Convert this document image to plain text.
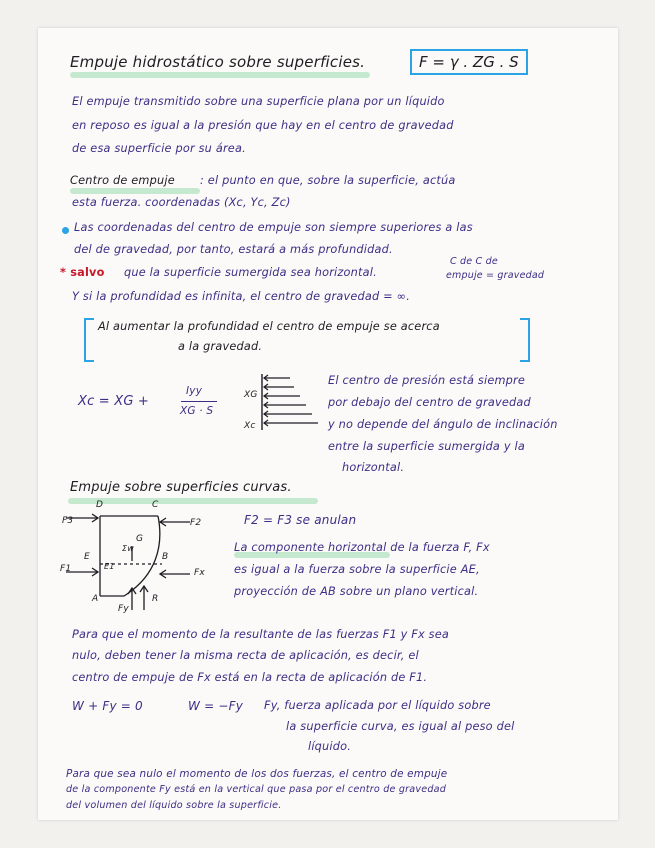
Empuje hidrostático sobre superficies.	F = γ . ZG . S
El empuje transmitido sobre una superficie plana por un líquido
en reposo es igual a la presión que hay en el centro de gravedad
de esa superficie por su área.
Centro de empuje : el punto en que, sobre la superficie, actúa
esta fuerza. coordenadas (Xc, Yc, Zc)
Las coordenadas del centro de empuje son siempre superiores a las
del de gravedad, por tanto, estará a más profundidad.
* salvo que la superficie sumergida sea horizontal.
C de C de
empuje = gravedad
Y si la profundidad es infinita, el centro de gravedad = ∞.
Al aumentar la profundidad el centro de empuje se acerca
a la gravedad.
Xc = XG +
Iyy
XG · S
XG
Xc
El centro de presión está siempre
por debajo del centro de gravedad
y no depende del ángulo de inclinación
entre la superficie sumergida y la
horizontal.
Empuje sobre superficies curvas.
D	C
F3	F2
G
Σw
E	B
F1	E1
Fx
A	R
Fy
F2 = F3 se anulan
La componente horizontal de la fuerza F, Fx
es igual a la fuerza sobre la superficie AE,
proyección de AB sobre un plano vertical.
Para que el momento de la resultante de las fuerzas F1 y Fx sea
nulo, deben tener la misma recta de aplicación, es decir, el
centro de empuje de Fx está en la recta de aplicación de F1.
W + Fy = 0	W = −Fy Fy, fuerza aplicada por el líquido sobre
la superficie curva, es igual al peso del
líquido.
Para que sea nulo el momento de los dos fuerzas, el centro de empuje
de la componente Fy está en la vertical que pasa por el centro de gravedad
del volumen del líquido sobre la superficie.
